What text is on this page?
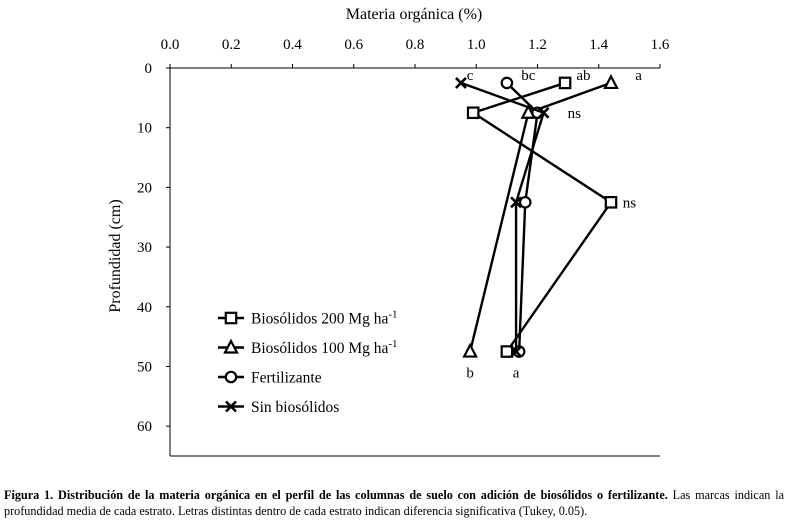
0.0	0.2	0.4	0.6	0.8	1.0	1.2	1.4	1.6
0
10
20
30
40
50
60
Materia orgánica (%)
Profundidad (cm)
c	bc	ab	a
ns
ns
b	a
Biosólidos 200 Mg $ha^{-1}$
Biosólidos 100 Mg $ha^{-1}$
Fertilizante
Sin biosólidos
Figura 1. Distribución de la materia orgánica en el perfil de las columnas de suelo con adición de biosólidos o fertilizante. Las marcas indican la profundidad media de cada estrato. Letras distintas dentro de cada estrato indican diferencia significativa (Tukey, 0.05).
